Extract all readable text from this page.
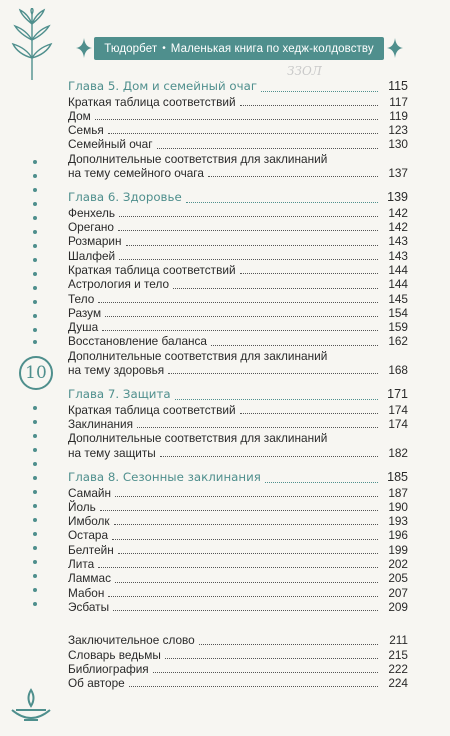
10
Тюдорбет • Маленькая книга по хедж-колдовству
ЗЗОЛ
Глава 5. Дом и семейный очаг	115
Краткая таблица соответствий	117
Дом	119
Семья	123
Семейный очаг	130
Дополнительные соответствия для заклинаний
на тему семейного очага	137
Глава 6. Здоровье	139
Фенхель	142
Орегано	142
Розмарин	143
Шалфей	143
Краткая таблица соответствий	144
Астрология и тело	144
Тело	145
Разум	154
Душа	159
Восстановление баланса	162
Дополнительные соответствия для заклинаний
на тему здоровья	168
Глава 7. Защита	171
Краткая таблица соответствий	174
Заклинания	174
Дополнительные соответствия для заклинаний
на тему защиты	182
Глава 8. Сезонные заклинания	185
Самайн	187
Йоль	190
Имболк	193
Остара	196
Белтейн	199
Лита	202
Ламмас	205
Мабон	207
Эсбаты	209
Заключительное слово	211
Словарь ведьмы	215
Библиография	222
Об авторе	224
